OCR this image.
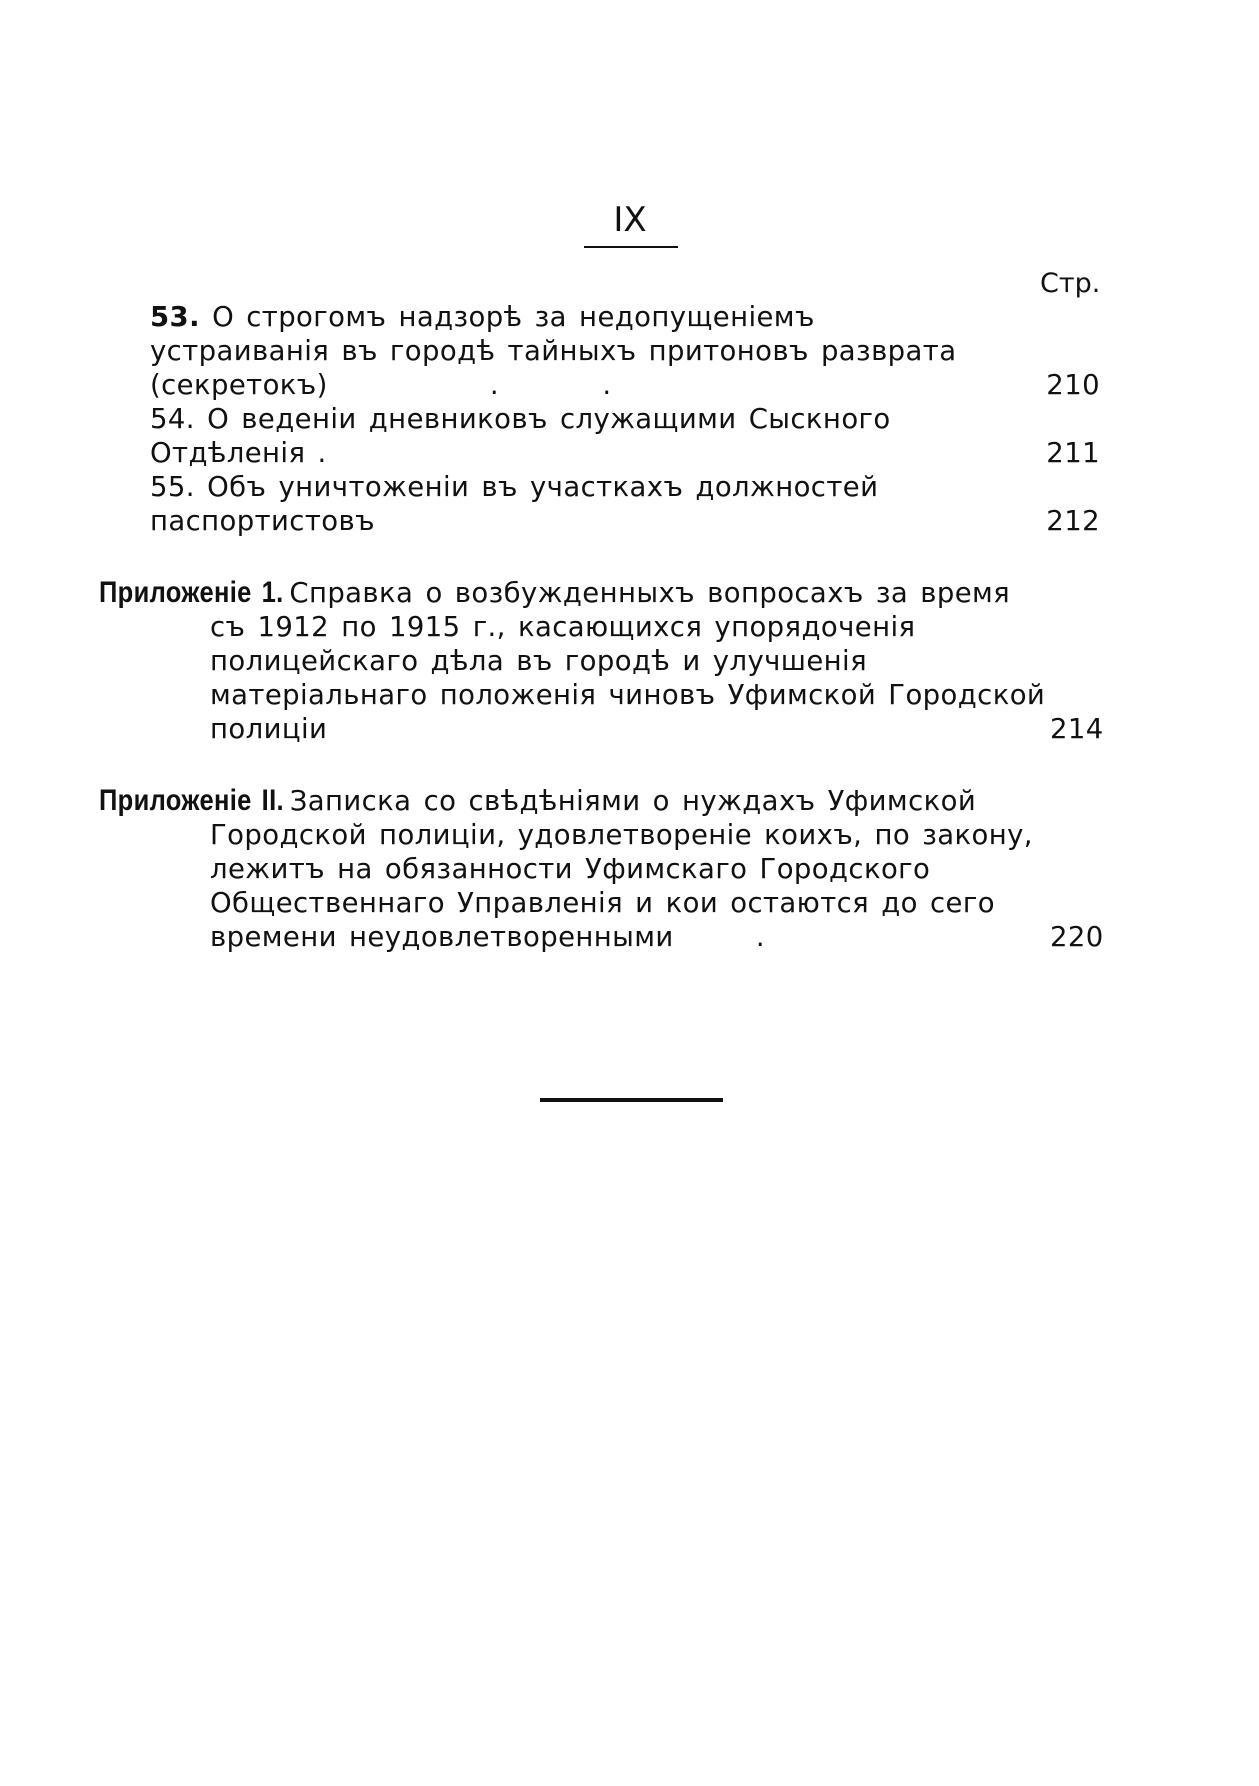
IX
Стр.
53. О строгомъ надзорѣ за недопущеніемъ устраиванія въ городѣ тайныхъ притоновъ разврата (секретокъ)	. .	210
54. О веденіи дневниковъ служащими Сыскного Отдѣленія .	211
55. Объ уничтоженіи въ участкахъ должностей паспортистовъ	212
Приложеніе 1. Справка о возбужденныхъ вопросахъ за время съ 1912 по 1915 г., касающихся упорядоченія полицейскаго дѣла въ городѣ и улучшенія матеріальнаго положенія чиновъ Уфимской Городской полиціи	214
Приложеніе II. Записка со свѣдѣніями о нуждахъ Уфимской Городской полиціи, удовлетвореніе коихъ, по закону, лежитъ на обязанности Уфимскаго Городского Общественнаго Управленія и кои остаются до сего времени неудовлетворенными	.	220
